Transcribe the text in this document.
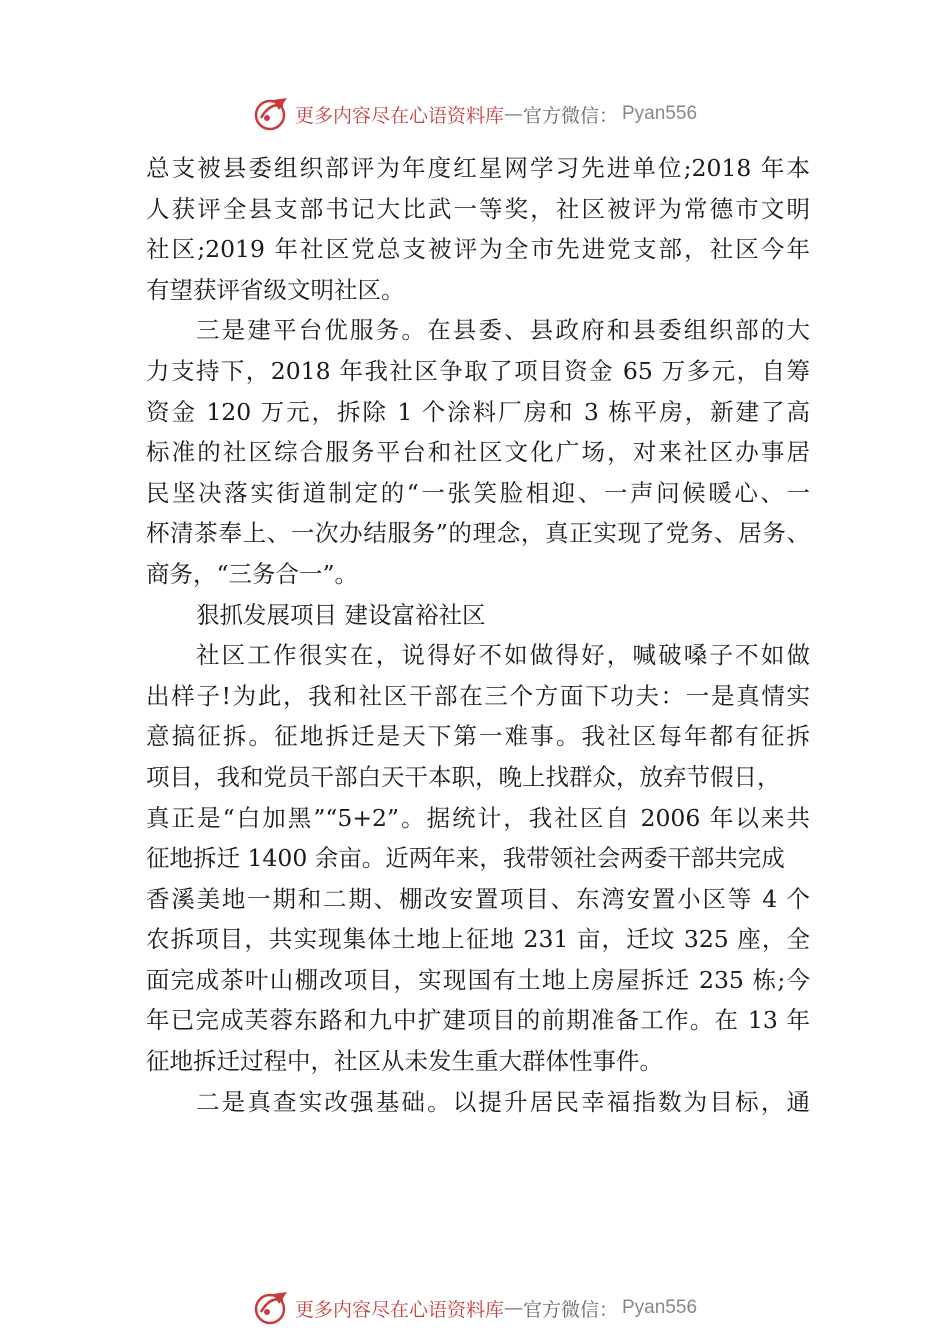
更多内容尽在心语资料库 — 官方微信： Pyan556
总支被县委组织部评为年度红星网学习先进单位;2018 年本
人获评全县支部书记大比武一等奖，社区被评为常德市文明
社区;2019 年社区党总支被评为全市先进党支部，社区今年
有望获评省级文明社区。
三是建平台优服务。在县委、县政府和县委组织部的大
力支持下，2018 年我社区争取了项目资金 65 万多元，自筹
资金 120 万元，拆除 1 个涂料厂房和 3 栋平房，新建了高
标准的社区综合服务平台和社区文化广场，对来社区办事居
民坚决落实街道制定的“一张笑脸相迎、一声问候暖心、一
杯清茶奉上、一次办结服务”的理念，真正实现了党务、居务、
商务，“三务合一”。
狠抓发展项目 建设富裕社区
社区工作很实在，说得好不如做得好，喊破嗓子不如做
出样子!为此，我和社区干部在三个方面下功夫：一是真情实
意搞征拆。征地拆迁是天下第一难事。我社区每年都有征拆
项目，我和党员干部白天干本职，晚上找群众，放弃节假日，
真正是“白加黑”“5+2”。据统计，我社区自 2006 年以来共
征地拆迁 1400 余亩。近两年来，我带领社会两委干部共完成
香溪美地一期和二期、棚改安置项目、东湾安置小区等 4 个
农拆项目，共实现集体土地上征地 231 亩，迁坟 325 座，全
面完成茶叶山棚改项目，实现国有土地上房屋拆迁 235 栋;今
年已完成芙蓉东路和九中扩建项目的前期准备工作。在 13 年
征地拆迁过程中，社区从未发生重大群体性事件。
二是真查实改强基础。以提升居民幸福指数为目标，通
更多内容尽在心语资料库 — 官方微信： Pyan556
